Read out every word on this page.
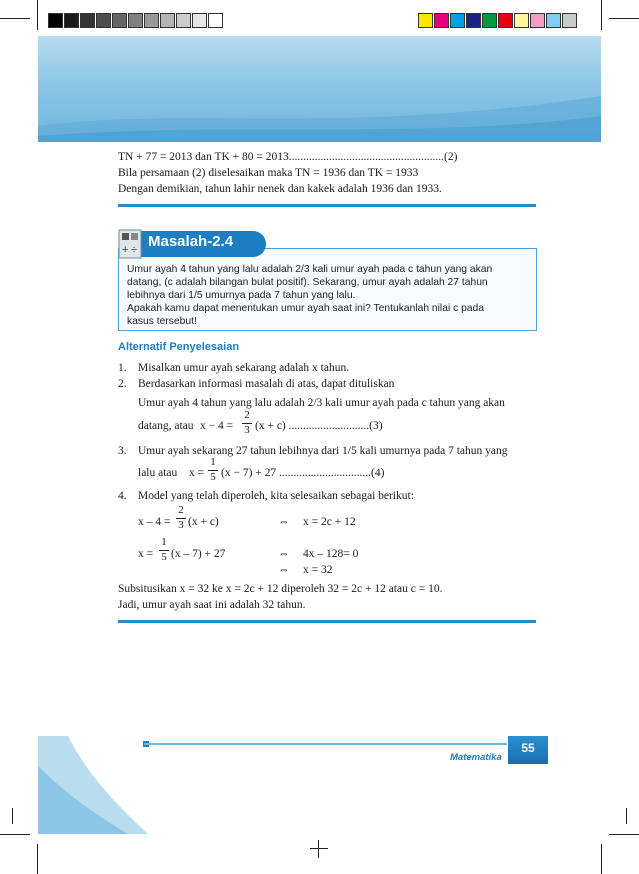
TN + 77 = 2013 dan TK + 80 = 2013......................................................(2)
Bila persamaan (2) diselesaikan maka TN = 1936 dan TK = 1933
Dengan demikian, tahun lahir nenek dan kakek adalah 1936 dan 1933.
+ ÷ Masalah-2.4
Umur ayah 4 tahun yang lalu adalah 2/3 kali umur ayah pada c tahun yang akan
datang, (c adalah bilangan bulat positif). Sekarang, umur ayah adalah 27 tahun
lebihnya dari 1/5 umurnya pada 7 tahun yang lalu.
Apakah kamu dapat menentukan umur ayah saat ini? Tentukanlah nilai c pada
kasus tersebut!
Alternatif Penyelesaian
1. Misalkan umur ayah sekarang adalah x tahun.
2. Berdasarkan informasi masalah di atas, dapat dituliskan
Umur ayah 4 tahun yang lalu adalah 2/3 kali umur ayah pada c tahun yang akan
datang, atau x − 4 =
2
3 (x + c) ............................(3)
3. Umur ayah sekarang 27 tahun lebihnya dari 1/5 kali umurnya pada 7 tahun yang
lalu atau x =
1
5 (x − 7) + 27 ................................(4)
4. Model yang telah diperoleh, kita selesaikan sebagai berikut:
x – 4 =
2
3 (x + c)	⇔ x = 2c + 12
x =
1
5 (x – 7) + 27	⇔ 4x – 128= 0
⇔ x = 32
Subsitusikan x = 32 ke x = 2c + 12 diperoleh 32 = 2c + 12 atau c = 10.
Jadi, umur ayah saat ini adalah 32 tahun.
Matematika
55
